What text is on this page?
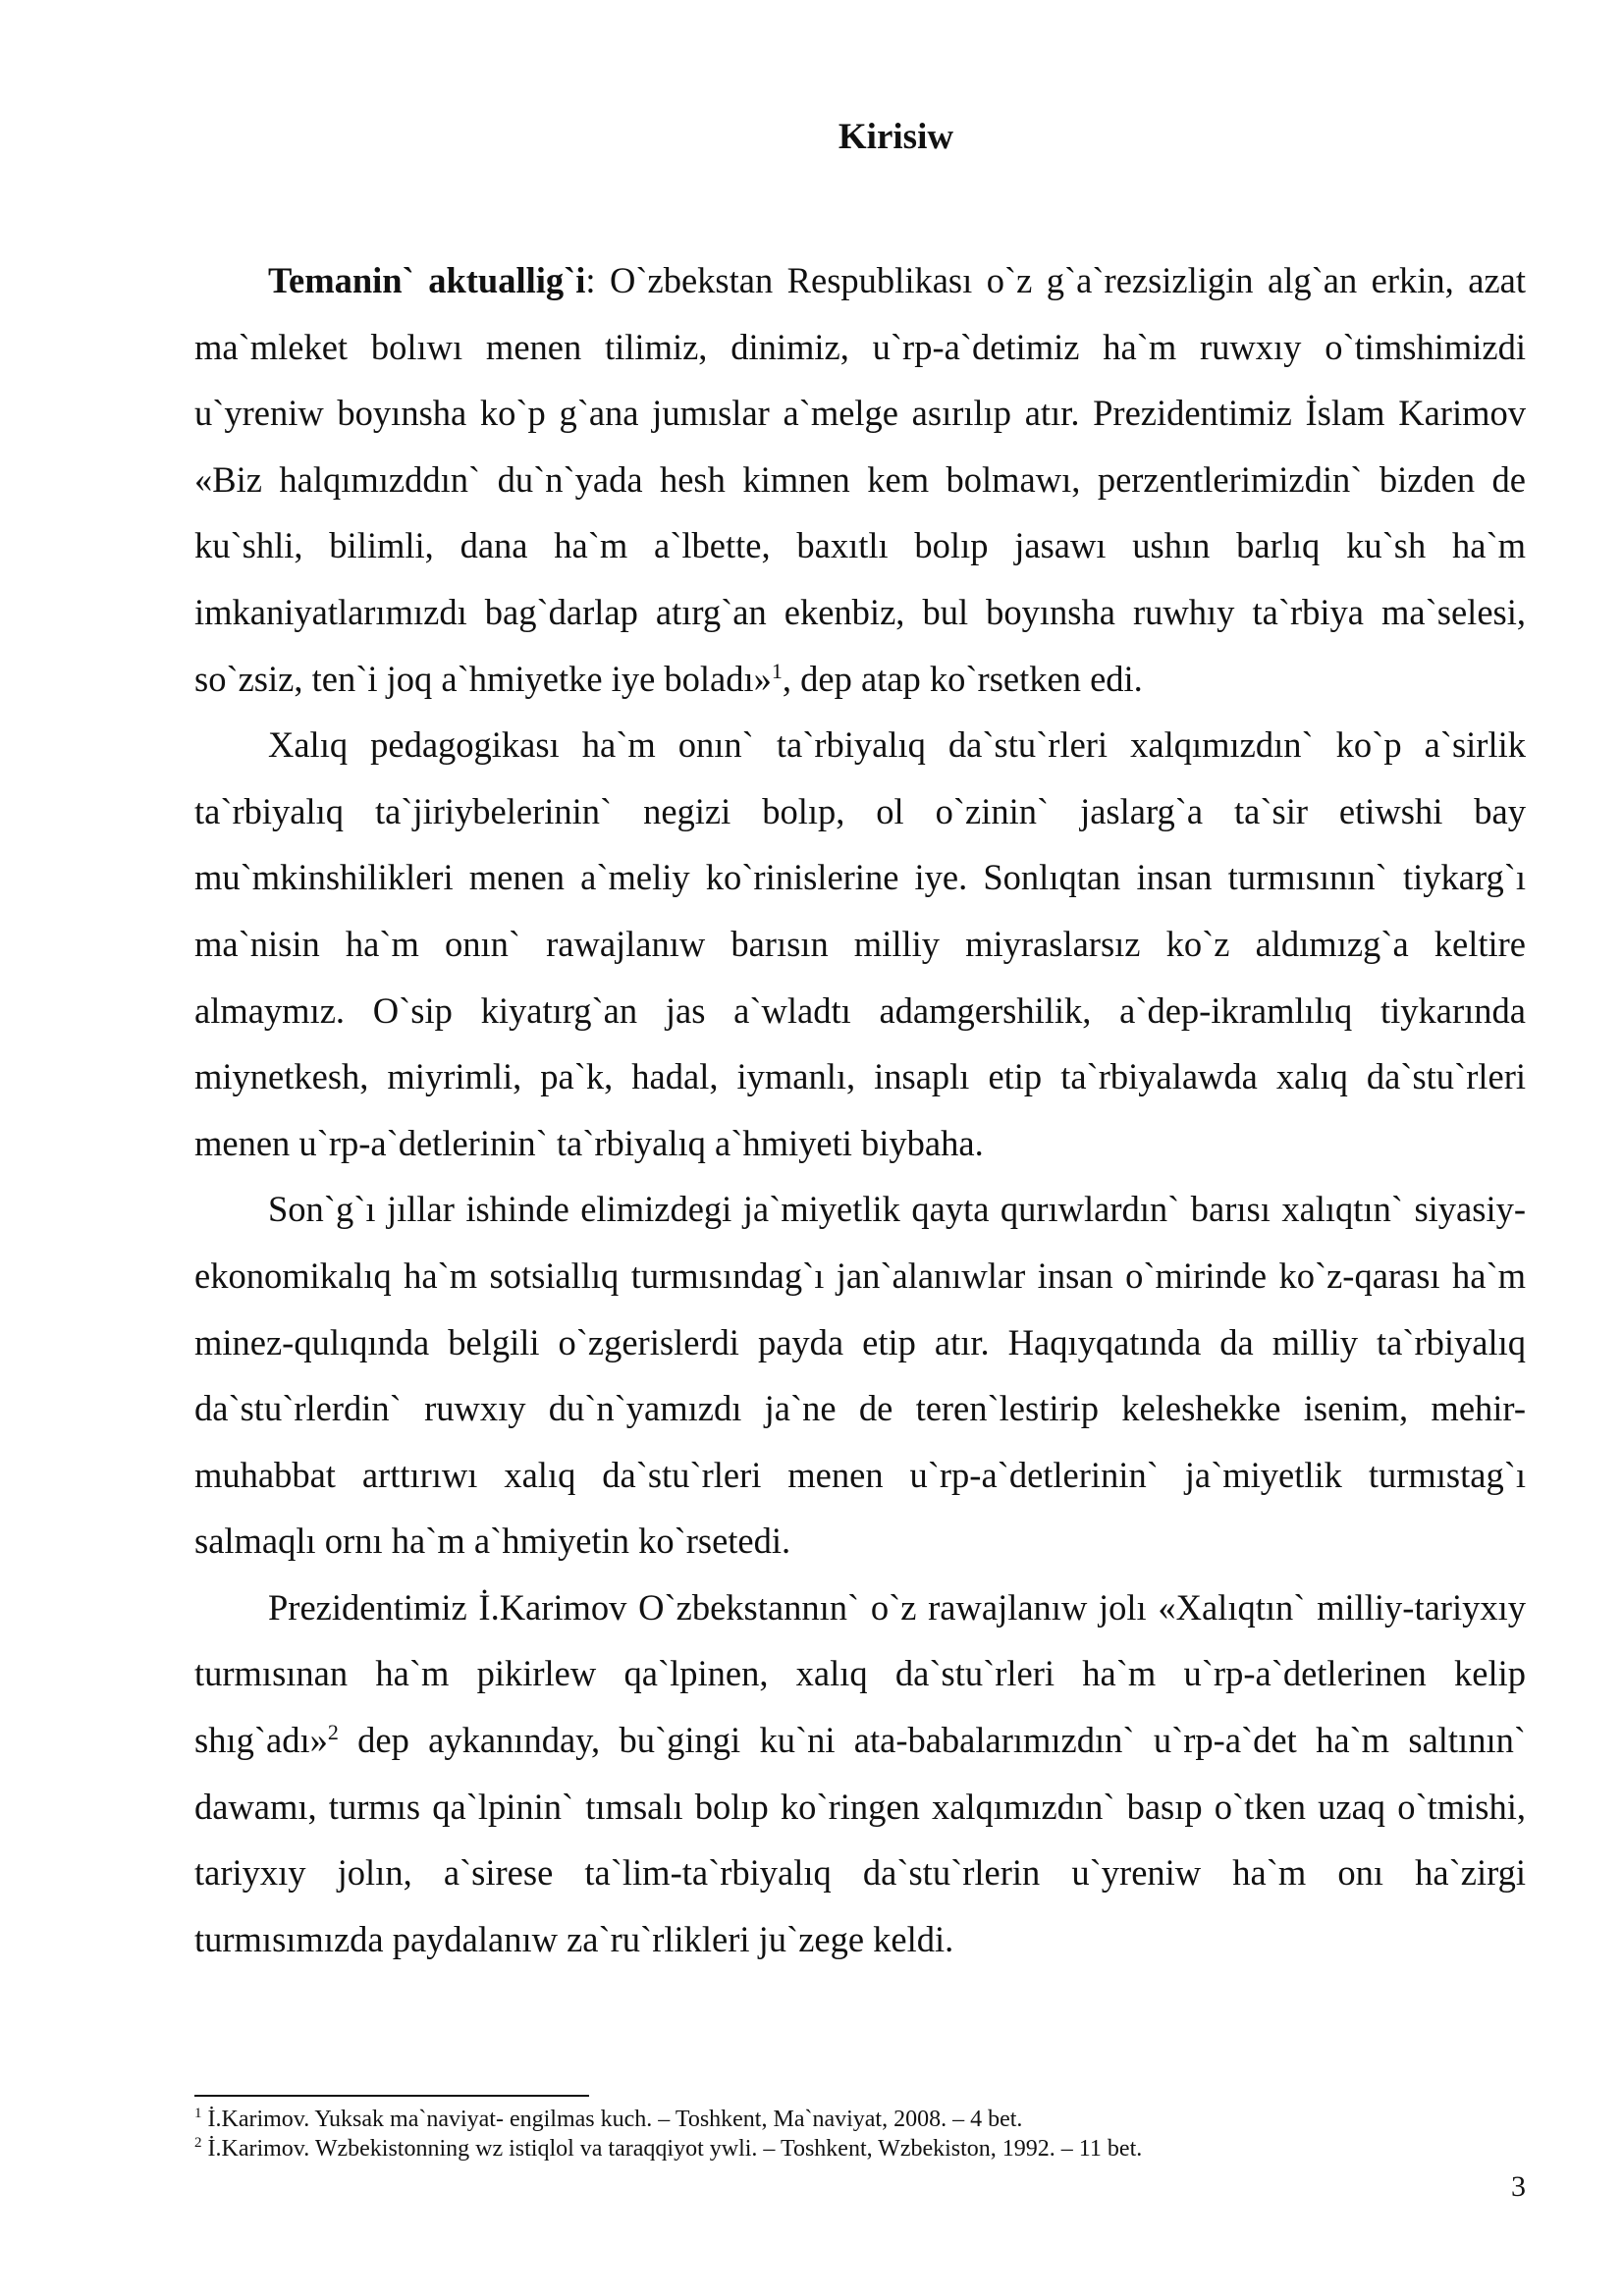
Kirisiw

Temanin` aktuallig`i: O`zbekstan Respublikası o`z g`a`rezsizligin alg`an erkin, azat ma`mleket bolıwı menen tilimiz, dinimiz, u`rp-a`detimiz ha`m ruwxıy o`timshimizdi u`yreniw boyınsha ko`p g`ana jumıslar a`melge asırılıp atır. Prezidentimiz İslam Karimov «Biz halqımızddın` du`n`yada hesh kimnen kem bolmawı, perzentlerimizdin` bizden de ku`shli, bilimli, dana ha`m a`lbette, baxıtlı bolıp jasawı ushın barlıq ku`sh ha`m imkaniyatlarımızdı bag`darlap atırg`an ekenbiz, bul boyınsha ruwhıy ta`rbiya ma`selesi, so`zsiz, ten`i joq a`hmiyetke iye boladı»$^1$, dep atap ko`rsetken edi.

Xalıq pedagogikası ha`m onın` ta`rbiyalıq da`stu`rleri xalqımızdın` ko`p a`sirlik ta`rbiyalıq ta`jiriybelerinin` negizi bolıp, ol o`zinin` jaslarg`a ta`sir etiwshi bay mu`mkinshilikleri menen a`meliy ko`rinislerine iye. Sonlıqtan insan turmısının` tiykarg`ı ma`nisin ha`m onın` rawajlanıw barısın milliy miyraslarsız ko`z aldımızg`a keltire almaymız. O`sip kiyatırg`an jas a`wladtı adamgershilik, a`dep-ikramlılıq tiykarında miynetkesh, miyrimli, pa`k, hadal, iymanlı, insaplı etip ta`rbiyalawda xalıq da`stu`rleri menen u`rp-a`detlerinin` ta`rbiyalıq a`hmiyeti biybaha.

Son`g`ı jıllar ishinde elimizdegi ja`miyetlik qayta qurıwlardın` barısı xalıqtın` siyasiy-ekonomikalıq ha`m sotsiallıq turmısındag`ı jan`alanıwlar insan o`mirinde ko`z-qarası ha`m minez-qulıqında belgili o`zgerislerdi payda etip atır. Haqıyqatında da milliy ta`rbiyalıq da`stu`rlerdin` ruwxıy du`n`yamızdı ja`ne de teren`lestirip keleshekke isenim, mehir-muhabbat arttırıwı xalıq da`stu`rleri menen u`rp-a`detlerinin` ja`miyetlik turmıstag`ı salmaqlı ornı ha`m a`hmiyetin ko`rsetedi.

Prezidentimiz İ.Karimov O`zbekstannın` o`z rawajlanıw jolı «Xalıqtın` milliy-tariyxıy turmısınan ha`m pikirlew qa`lpinen, xalıq da`stu`rleri ha`m u`rp-a`detlerinen kelip shıg`adı»$^2$ dep aykanınday, bu`gingi ku`ni ata-babalarımızdın` u`rp-a`det ha`m saltının` dawamı, turmıs qa`lpinin` tımsalı bolıp ko`ringen xalqımızdın` basıp o`tken uzaq o`tmishi, tariyxıy jolın, a`sirese ta`lim-ta`rbiyalıq da`stu`rlerin u`yreniw ha`m onı ha`zirgi turmısımızda paydalanıw za`ru`rlikleri ju`zege keldi.

$^1$ İ.Karimov. Yuksak ma`naviyat- engilmas kuch. – Toshkent, Ma`naviyat, 2008. – 4 bet.
$^2$ İ.Karimov. Wzbekistonning wz istiqlol va taraqqiyot ywli. – Toshkent, Wzbekiston, 1992. – 11 bet.
3
